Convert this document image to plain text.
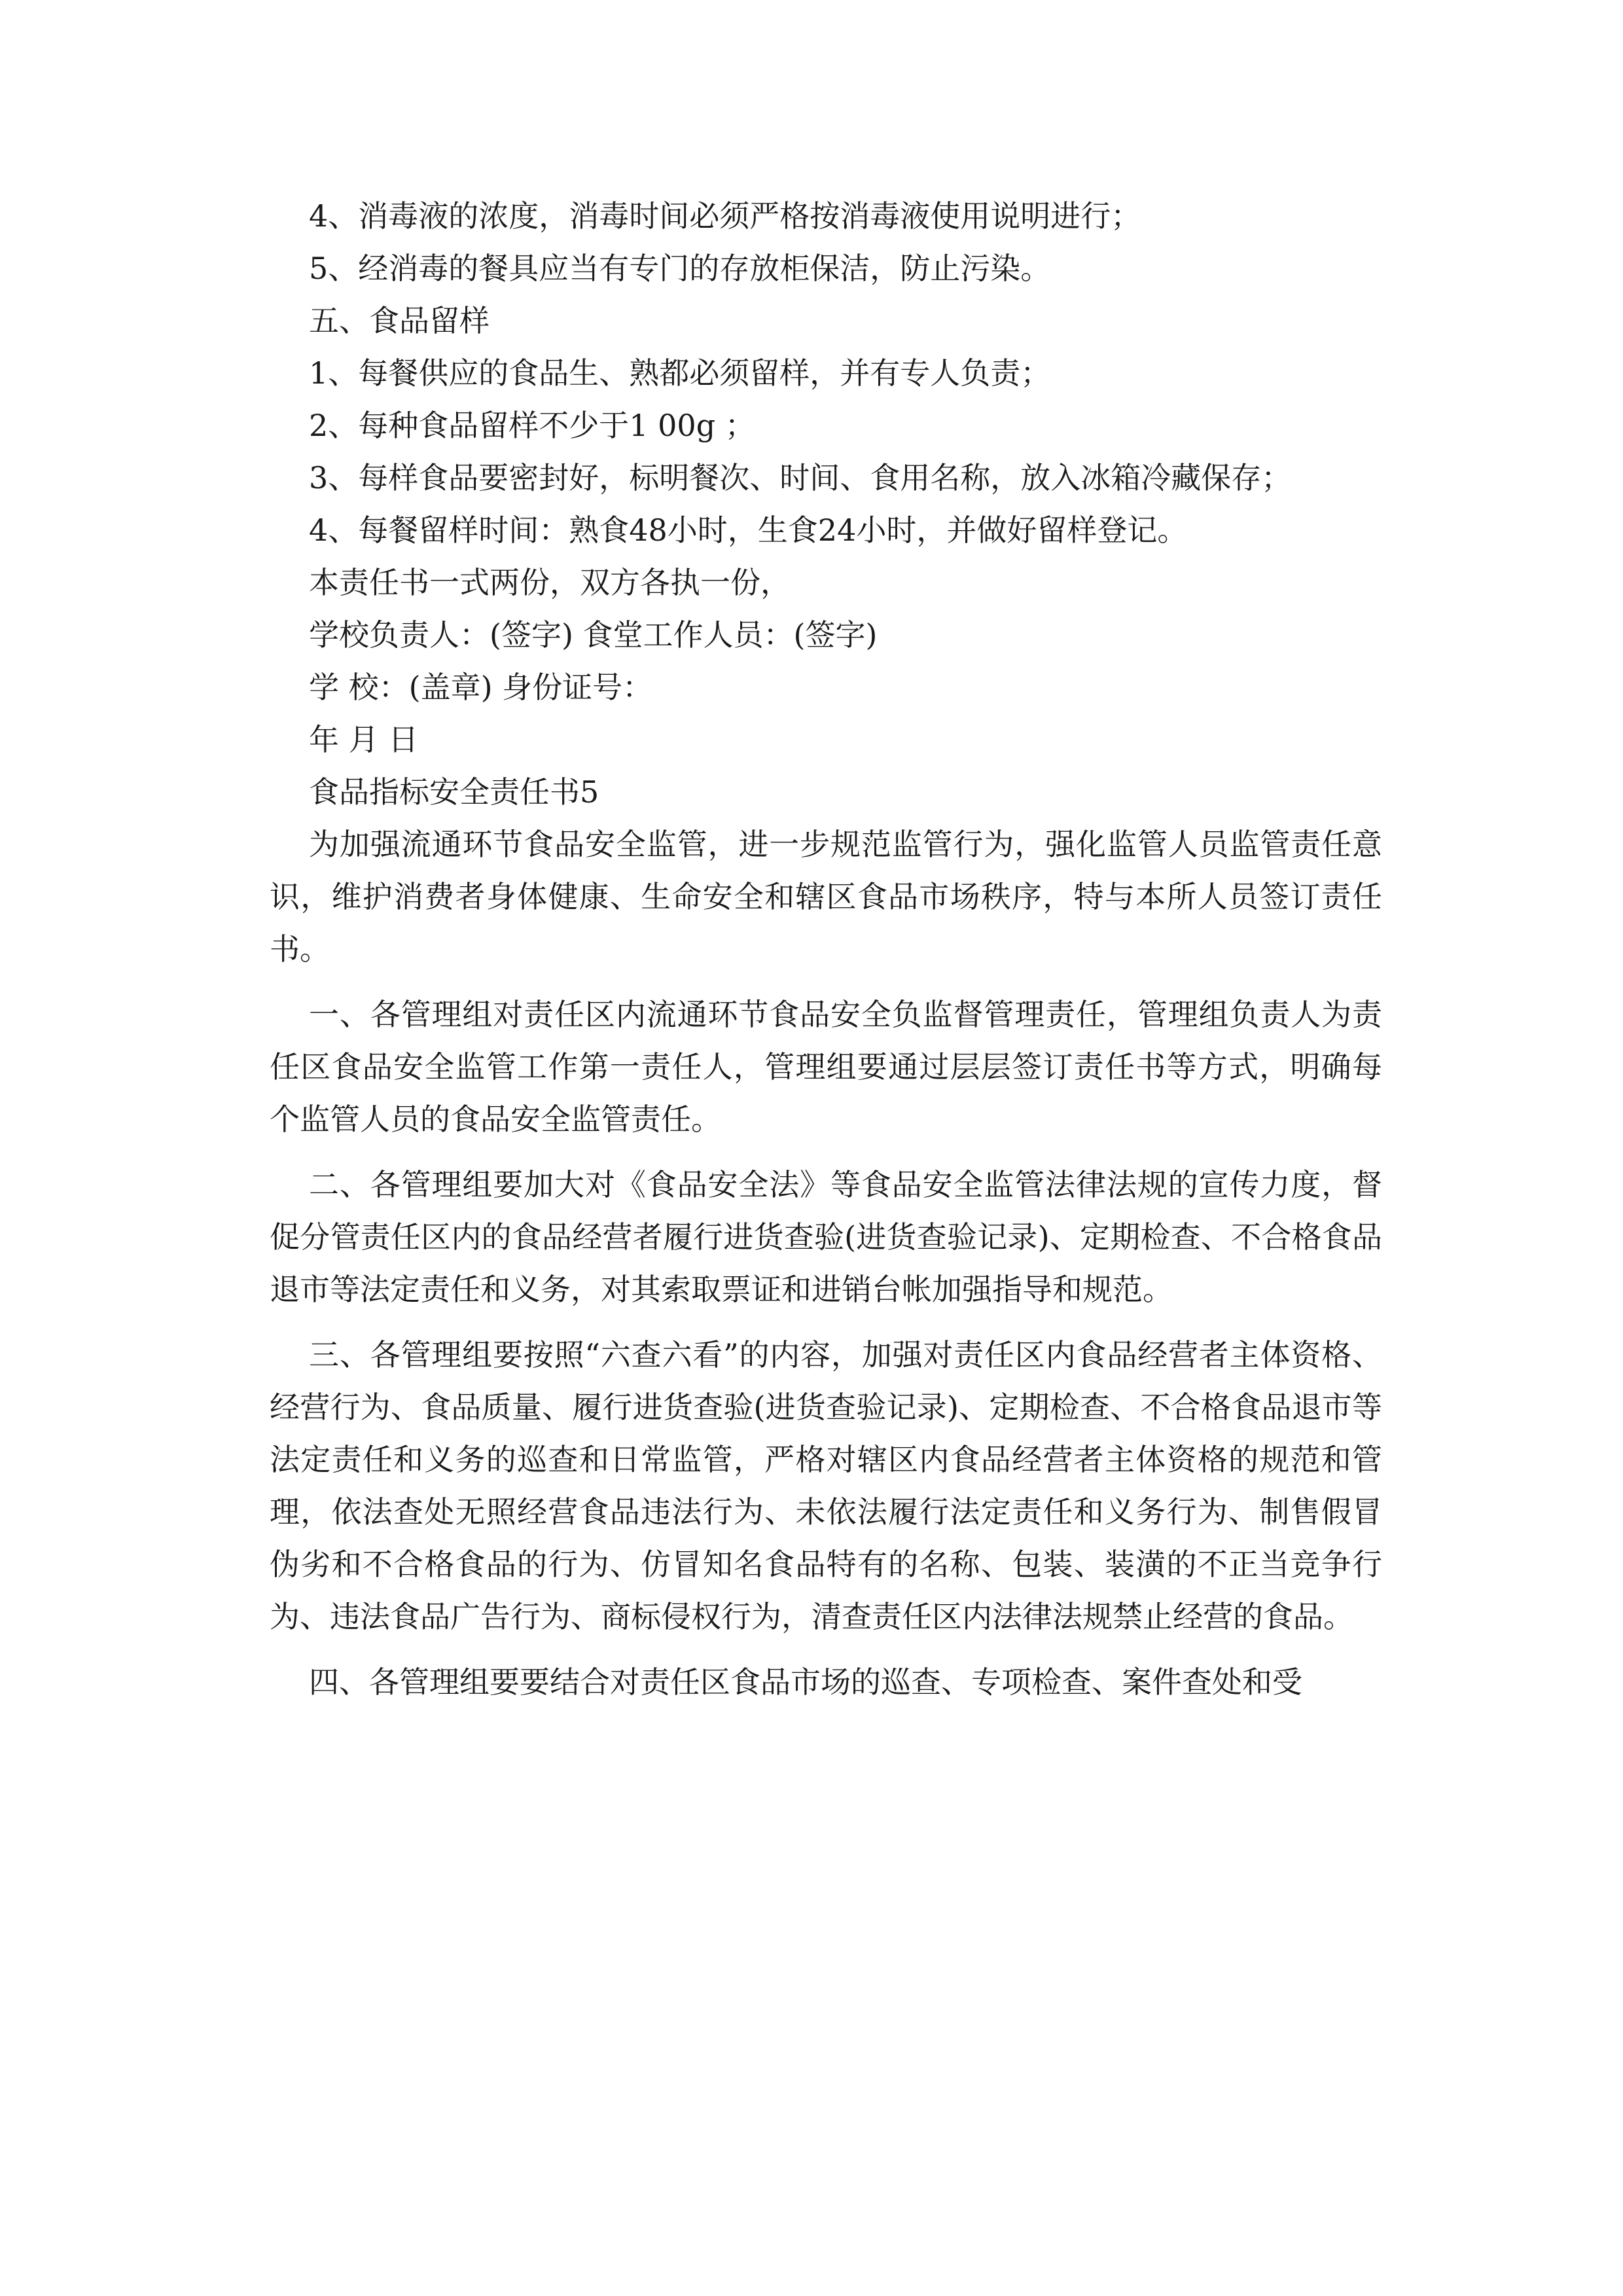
4、消毒液的浓度，消毒时间必须严格按消毒液使用说明进行；

5、经消毒的餐具应当有专门的存放柜保洁，防止污染。

五、食品留样

1、每餐供应的食品生、熟都必须留样，并有专人负责；

2、每种食品留样不少于1 00g ；

3、每样食品要密封好，标明餐次、时间、食用名称，放入冰箱冷藏保存；

4、每餐留样时间：熟食48小时，生食24小时，并做好留样登记。

本责任书一式两份，双方各执一份，

学校负责人：(签字) 食堂工作人员：(签字)

学 校：(盖章) 身份证号：

年 月 日

食品指标安全责任书5

为加强流通环节食品安全监管，进一步规范监管行为，强化监管人员监管责任意识，维护消费者身体健康、生命安全和辖区食品市场秩序，特与本所人员签订责任书。

一、各管理组对责任区内流通环节食品安全负监督管理责任，管理组负责人为责任区食品安全监管工作第一责任人，管理组要通过层层签订责任书等方式，明确每个监管人员的食品安全监管责任。

二、各管理组要加大对《食品安全法》等食品安全监管法律法规的宣传力度，督促分管责任区内的食品经营者履行进货查验(进货查验记录)、定期检查、不合格食品退市等法定责任和义务，对其索取票证和进销台帐加强指导和规范。

三、各管理组要按照“六查六看”的内容，加强对责任区内食品经营者主体资格、经营行为、食品质量、履行进货查验(进货查验记录)、定期检查、不合格食品退市等法定责任和义务的巡查和日常监管，严格对辖区内食品经营者主体资格的规范和管理，依法查处无照经营食品违法行为、未依法履行法定责任和义务行为、制售假冒伪劣和不合格食品的行为、仿冒知名食品特有的名称、包装、装潢的不正当竞争行为、违法食品广告行为、商标侵权行为，清查责任区内法律法规禁止经营的食品。

四、各管理组要要结合对责任区食品市场的巡查、专项检查、案件查处和受
